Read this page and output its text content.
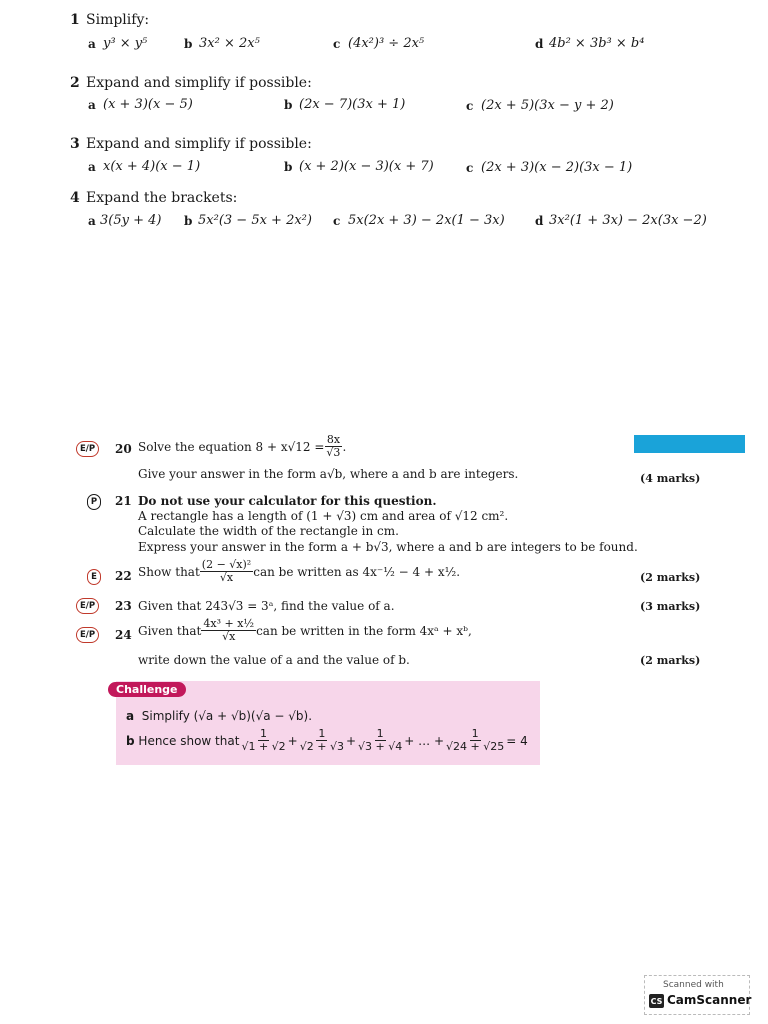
1 Simplify:
a y³ × y⁵	b 3x² × 2x⁵	c (4x²)³ ÷ 2x⁵	d 4b² × 3b³ × b⁴
2 Expand and simplify if possible:
a (x + 3)(x − 5)	b (2x − 7)(3x + 1)	c (2x + 5)(3x − y + 2)
3 Expand and simplify if possible:
a x(x + 4)(x − 1)	b (x + 2)(x − 3)(x + 7)	c (2x + 3)(x − 2)(3x − 1)
4 Expand the brackets:
a 3(5y + 4) b 5x²(3 − 5x + 2x²) c 5x(2x + 3) − 2x(1 − 3x)	d 3x²(1 + 3x) − 2x(3x −2)
E/P	20 Solve the equation $8 + x√12 = \frac{8x}{√3}$ .
Give your answer in the form a√b, where a and b are integers.	(4 marks)
P	21 Do not use your calculator for this question.
A rectangle has a length of (1 + √3) cm and area of √12 cm².
Calculate the width of the rectangle in cm.
Express your answer in the form a + b√3, where a and b are integers to be found.
E	22 Show that $\frac{\text{(2 − √x)²}}{√x}$ can be written as 4x⁻½ − 4 + x½.	(2 marks)
E/P	23 Given that 243√3 = 3ᵃ, find the value of a.	(3 marks)
E/P	24 Given that $\frac{\text{4x³ + x½}}{√x}$ can be written in the form 4xᵃ + xᵇ,
write down the value of a and the value of b.	(2 marks)
Challenge
a Simplify (√a + √b)(√a − √b).
b
Hence show that $\frac{1}{√1 + √2} + \frac{1}{√2 + √3} + \frac{1}{√3 + √4}$ + … + $\frac{1}{√24 + √25} = 4$
Scanned with
CS CamScanner
